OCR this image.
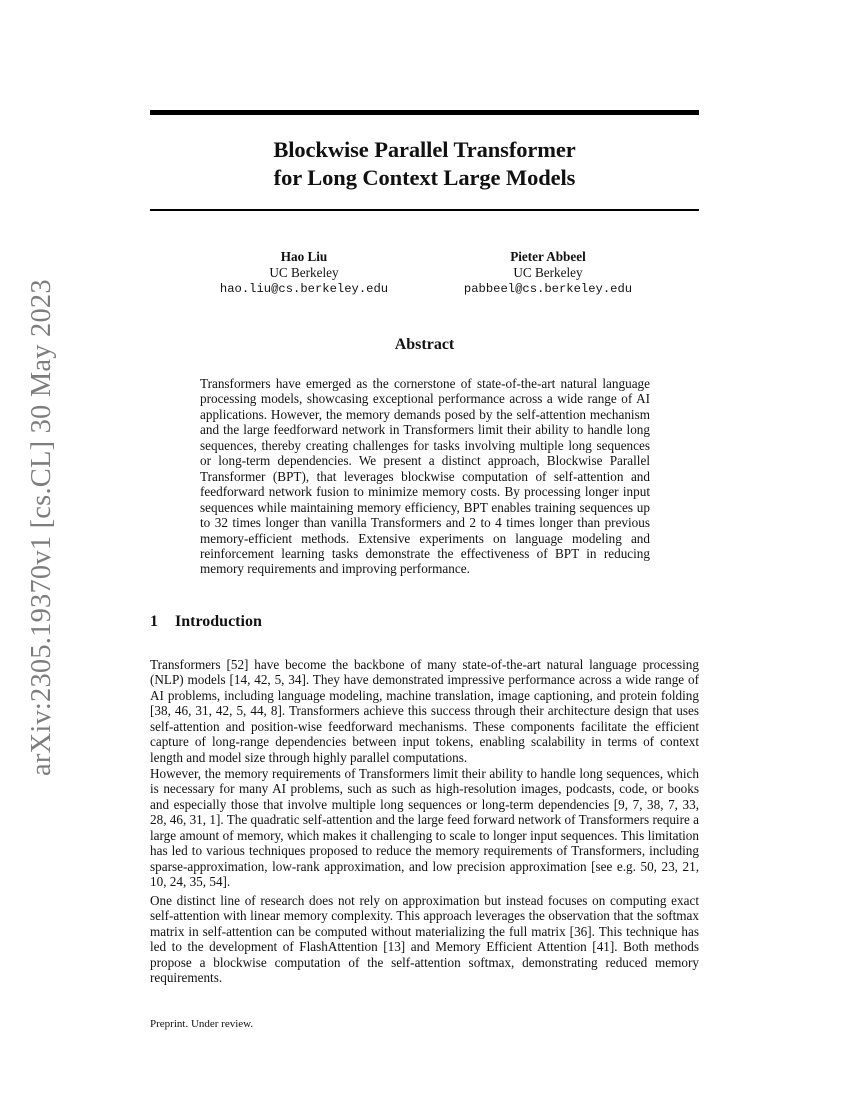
arXiv:2305.19370v1 [cs.CL] 30 May 2023
Blockwise Parallel Transformer
for Long Context Large Models
Hao Liu
UC Berkeley
hao.liu@cs.berkeley.edu
Pieter Abbeel
UC Berkeley
pabbeel@cs.berkeley.edu
Abstract
Transformers have emerged as the cornerstone of state-of-the-art natural language processing models, showcasing exceptional performance across a wide range of AI applications. However, the memory demands posed by the self-attention mechanism and the large feedforward network in Transformers limit their ability to handle long sequences, thereby creating challenges for tasks involving multiple long sequences or long-term dependencies. We present a distinct approach, Blockwise Parallel Transformer (BPT), that leverages blockwise computation of self-attention and feedforward network fusion to minimize memory costs. By processing longer input sequences while maintaining memory efficiency, BPT enables training sequences up to 32 times longer than vanilla Transformers and 2 to 4 times longer than previous memory-efficient methods. Extensive experiments on language modeling and reinforcement learning tasks demonstrate the effectiveness of BPT in reducing memory requirements and improving performance.
1 Introduction
Transformers [52] have become the backbone of many state-of-the-art natural language processing (NLP) models [14, 42, 5, 34]. They have demonstrated impressive performance across a wide range of AI problems, including language modeling, machine translation, image captioning, and protein folding [38, 46, 31, 42, 5, 44, 8]. Transformers achieve this success through their architecture design that uses self-attention and position-wise feedforward mechanisms. These components facilitate the efficient capture of long-range dependencies between input tokens, enabling scalability in terms of context length and model size through highly parallel computations.
However, the memory requirements of Transformers limit their ability to handle long sequences, which is necessary for many AI problems, such as such as high-resolution images, podcasts, code, or books and especially those that involve multiple long sequences or long-term dependencies [9, 7, 38, 7, 33, 28, 46, 31, 1]. The quadratic self-attention and the large feed forward network of Transformers require a large amount of memory, which makes it challenging to scale to longer input sequences. This limitation has led to various techniques proposed to reduce the memory requirements of Transformers, including sparse-approximation, low-rank approximation, and low precision approximation [see e.g. 50, 23, 21, 10, 24, 35, 54].
One distinct line of research does not rely on approximation but instead focuses on computing exact self-attention with linear memory complexity. This approach leverages the observation that the softmax matrix in self-attention can be computed without materializing the full matrix [36]. This technique has led to the development of FlashAttention [13] and Memory Efficient Attention [41]. Both methods propose a blockwise computation of the self-attention softmax, demonstrating reduced memory requirements.
Preprint. Under review.
